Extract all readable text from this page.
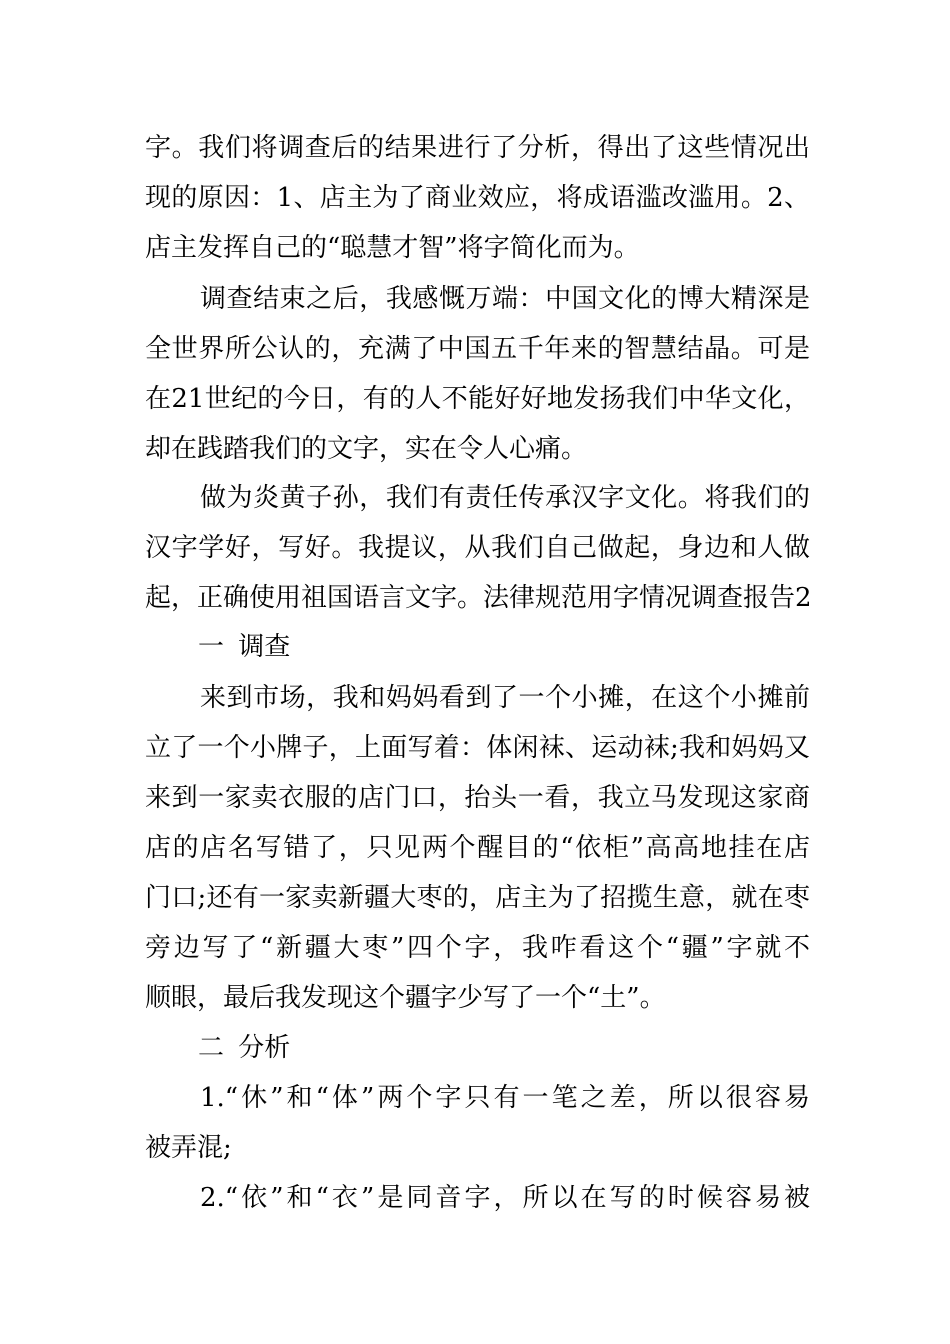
字。我们将调查后的结果进行了分析，得出了这些情况出
现的原因：1、店主为了商业效应，将成语滥改滥用。2、
店主发挥自己的“聪慧才智”将字简化而为。
调查结束之后，我感慨万端：中国文化的博大精深是
全世界所公认的，充满了中国五千年来的智慧结晶。可是
在21世纪的今日，有的人不能好好地发扬我们中华文化，
却在践踏我们的文字，实在令人心痛。
做为炎黄子孙，我们有责任传承汉字文化。将我们的
汉字学好，写好。我提议，从我们自己做起，身边和人做
起，正确使用祖国语言文字。法律规范用字情况调查报告2
一 调查
来到市场，我和妈妈看到了一个小摊，在这个小摊前
立了一个小牌子，上面写着：体闲袜、运动袜;我和妈妈又
来到一家卖衣服的店门口，抬头一看，我立马发现这家商
店的店名写错了，只见两个醒目的“依柜”高高地挂在店
门口;还有一家卖新疆大枣的，店主为了招揽生意，就在枣
旁边写了“新疆大枣”四个字，我咋看这个“疆”字就不
顺眼，最后我发现这个疆字少写了一个“土”。
二 分析
1.“休”和“体”两个字只有一笔之差，所以很容易
被弄混;
2.“依”和“衣”是同音字，所以在写的时候容易被
